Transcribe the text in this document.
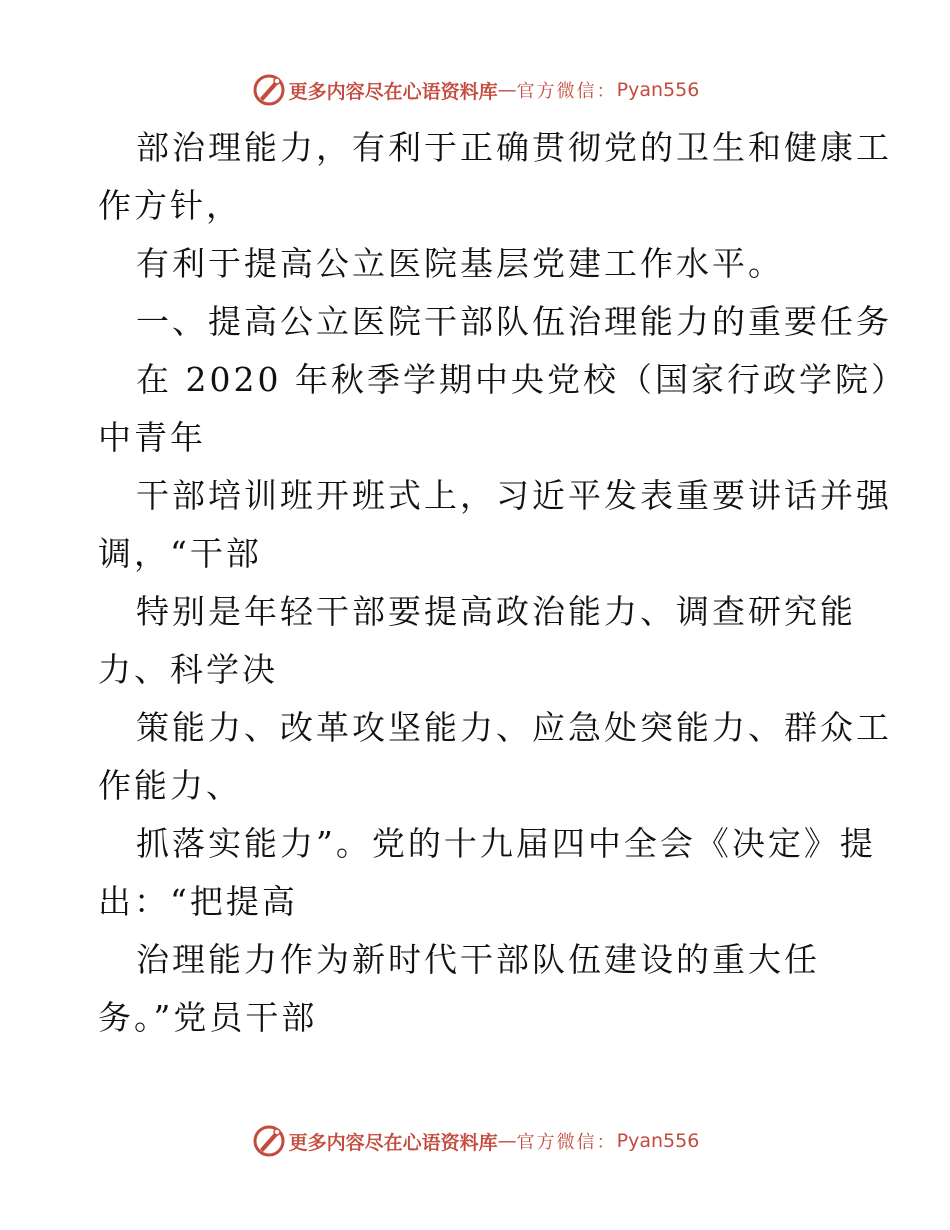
更多内容尽在心语资料库 — 官方微信： Pyan556
部治理能力，有利于正确贯彻党的卫生和健康工
作方针，
有利于提高公立医院基层党建工作水平。
一、提高公立医院干部队伍治理能力的重要任务
在 2020 年秋季学期中央党校（国家行政学院）
中青年
干部培训班开班式上，习近平发表重要讲话并强
调，“干部
特别是年轻干部要提高政治能力、调查研究能
力、科学决
策能力、改革攻坚能力、应急处突能力、群众工
作能力、
抓落实能力”。党的十九届四中全会《决定》提
出：“把提高
治理能力作为新时代干部队伍建设的重大任
务。”党员干部
更多内容尽在心语资料库 — 官方微信： Pyan556
